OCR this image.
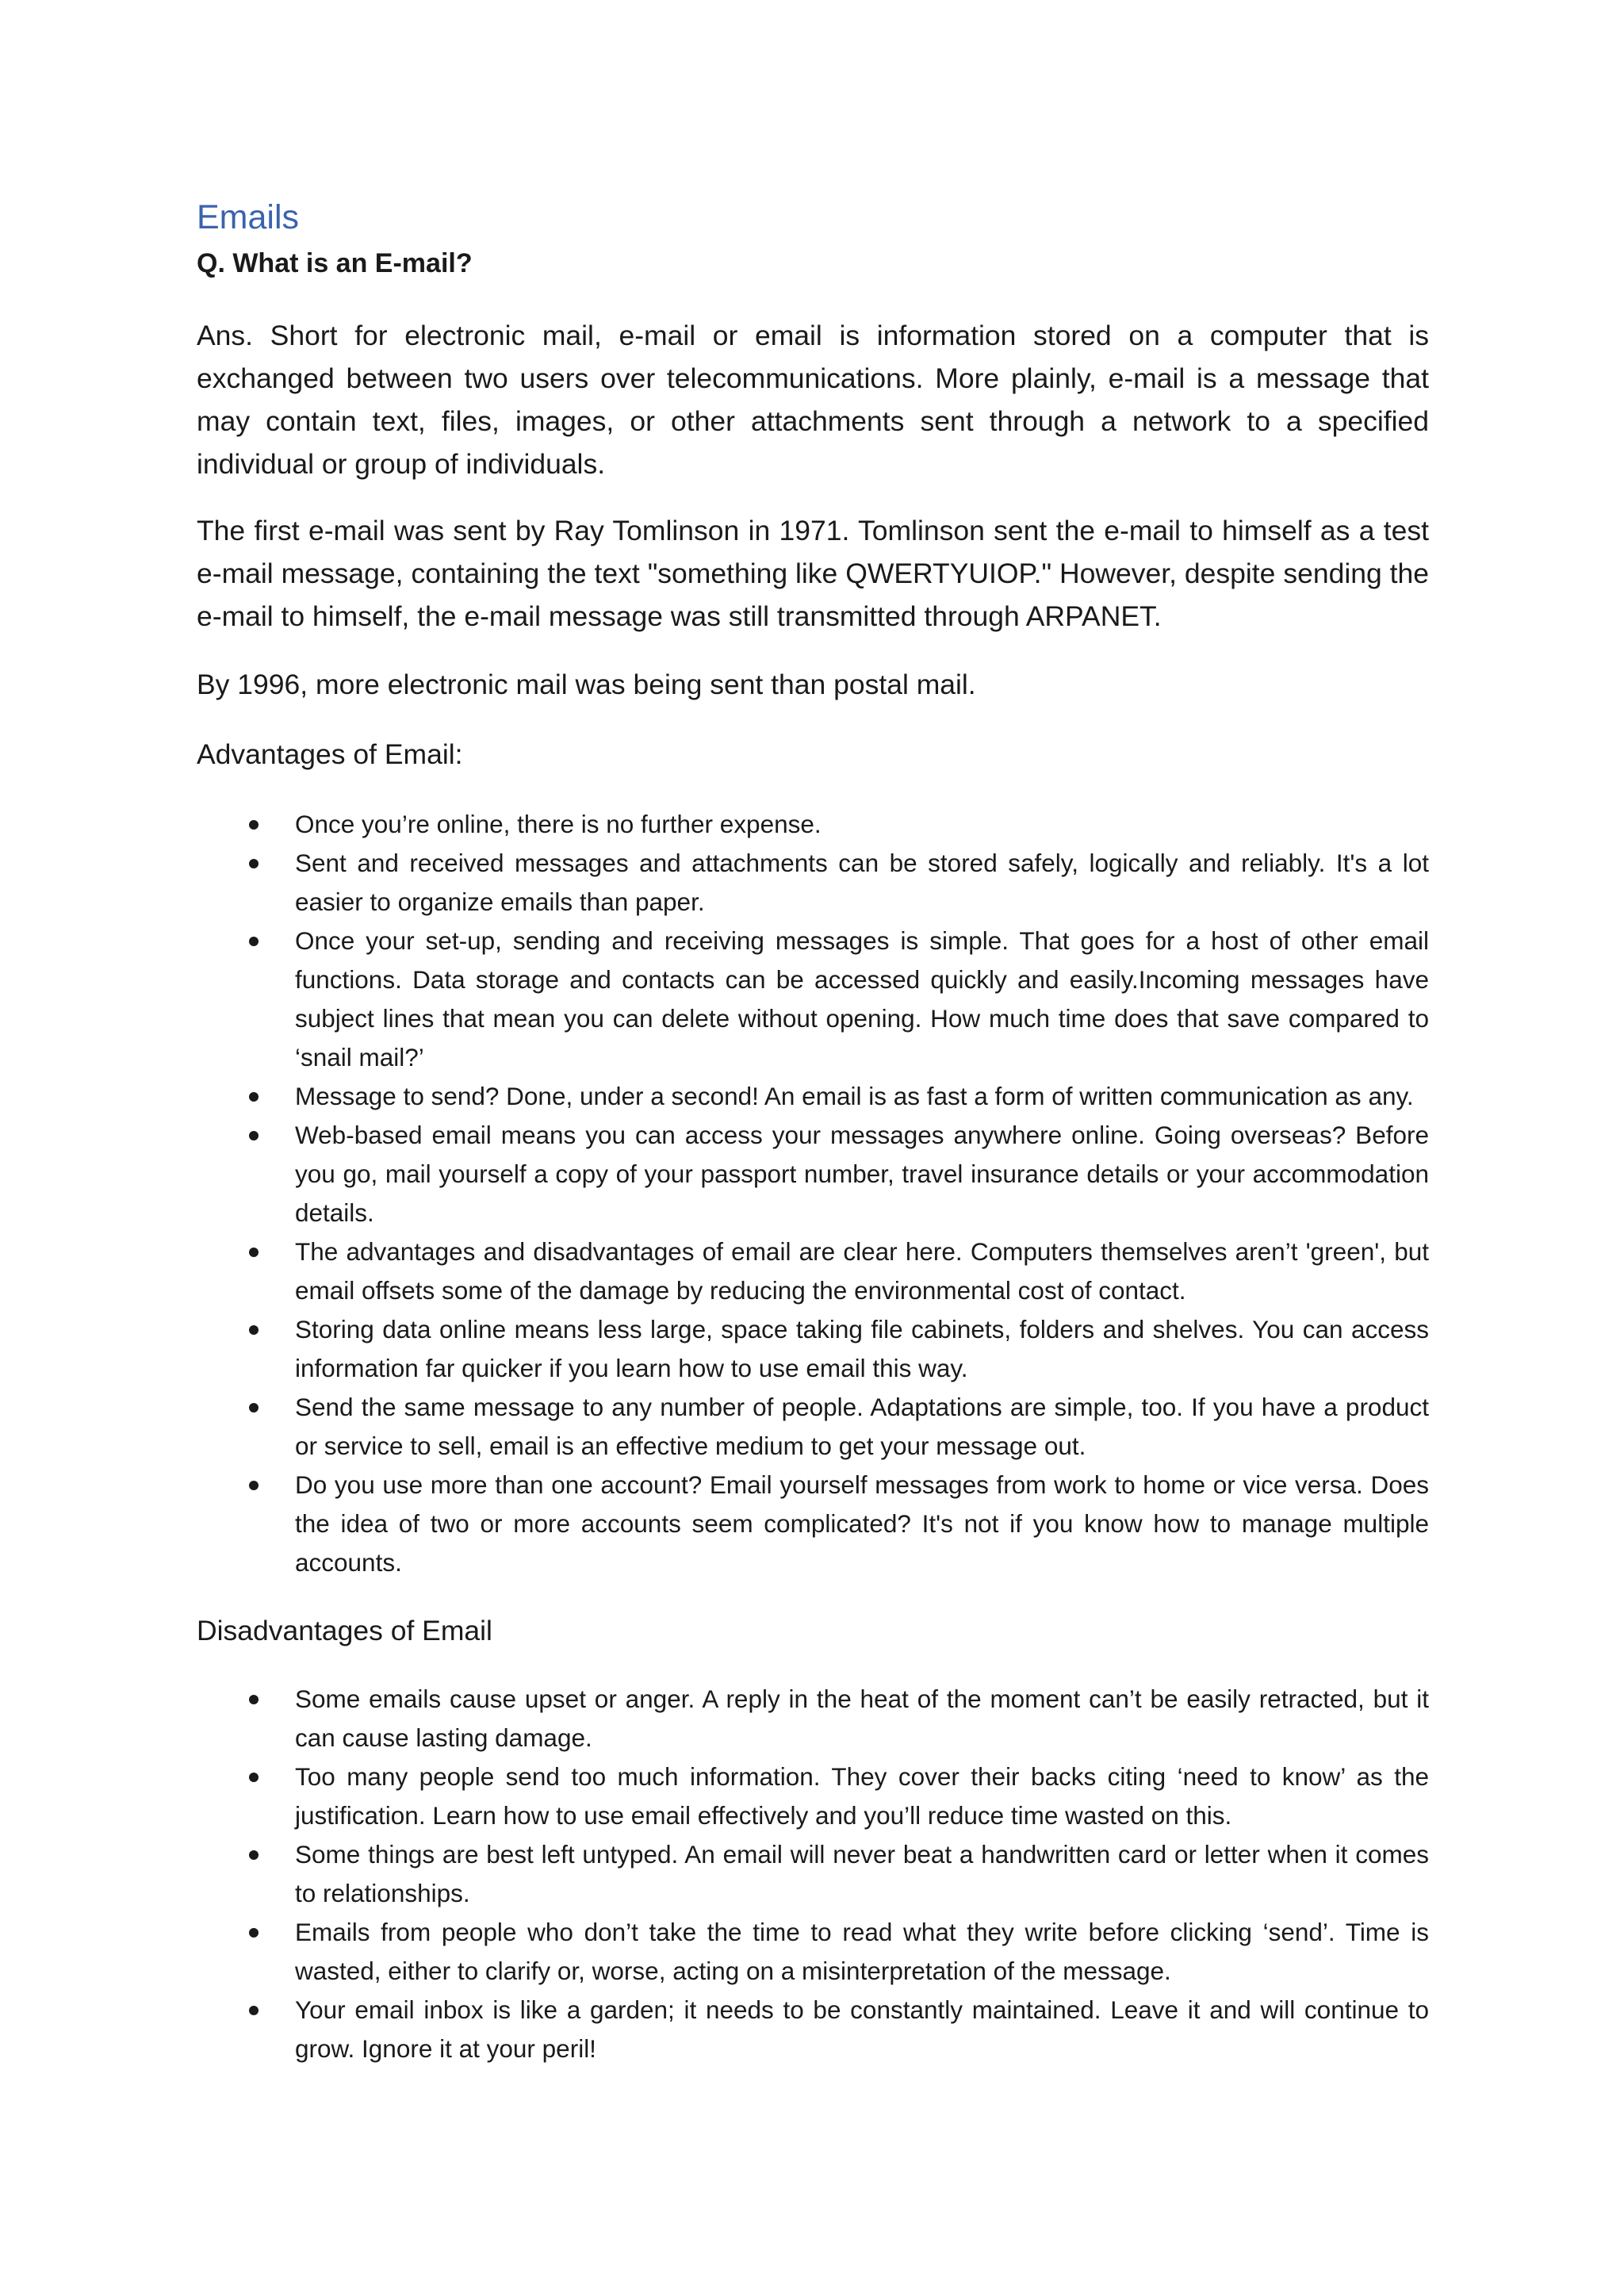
Emails
Q. What is an E-mail?

Ans. Short for electronic mail, e-mail or email is information stored on a computer that is exchanged between two users over telecommunications. More plainly, e-mail is a message that may contain text, files, images, or other attachments sent through a network to a specified individual or group of individuals.

The first e-mail was sent by Ray Tomlinson in 1971. Tomlinson sent the e-mail to himself as a test e-mail message, containing the text "something like QWERTYUIOP." However, despite sending the e-mail to himself, the e-mail message was still transmitted through ARPANET.

By 1996, more electronic mail was being sent than postal mail.

Advantages of Email:
Once you’re online, there is no further expense.
Sent and received messages and attachments can be stored safely, logically and reliably. It's a lot easier to organize emails than paper.
Once your set-up, sending and receiving messages is simple. That goes for a host of other email functions. Data storage and contacts can be accessed quickly and easily.Incoming messages have subject lines that mean you can delete without opening. How much time does that save compared to ‘snail mail?’
Message to send? Done, under a second! An email is as fast a form of written communication as any.
Web-based email means you can access your messages anywhere online. Going overseas? Before you go, mail yourself a copy of your passport number, travel insurance details or your accommodation details.
The advantages and disadvantages of email are clear here. Computers themselves aren’t 'green', but email offsets some of the damage by reducing the environmental cost of contact.
Storing data online means less large, space taking file cabinets, folders and shelves. You can access information far quicker if you learn how to use email this way.
Send the same message to any number of people. Adaptations are simple, too. If you have a product or service to sell, email is an effective medium to get your message out.
Do you use more than one account? Email yourself messages from work to home or vice versa. Does the idea of two or more accounts seem complicated? It's not if you know how to manage multiple accounts.
Disadvantages of Email
Some emails cause upset or anger. A reply in the heat of the moment can’t be easily retracted, but it can cause lasting damage.
Too many people send too much information. They cover their backs citing ‘need to know’ as the justification. Learn how to use email effectively and you’ll reduce time wasted on this.
Some things are best left untyped. An email will never beat a handwritten card or letter when it comes to relationships.
Emails from people who don’t take the time to read what they write before clicking ‘send’. Time is wasted, either to clarify or, worse, acting on a misinterpretation of the message.
Your email inbox is like a garden; it needs to be constantly maintained. Leave it and will continue to grow. Ignore it at your peril!
